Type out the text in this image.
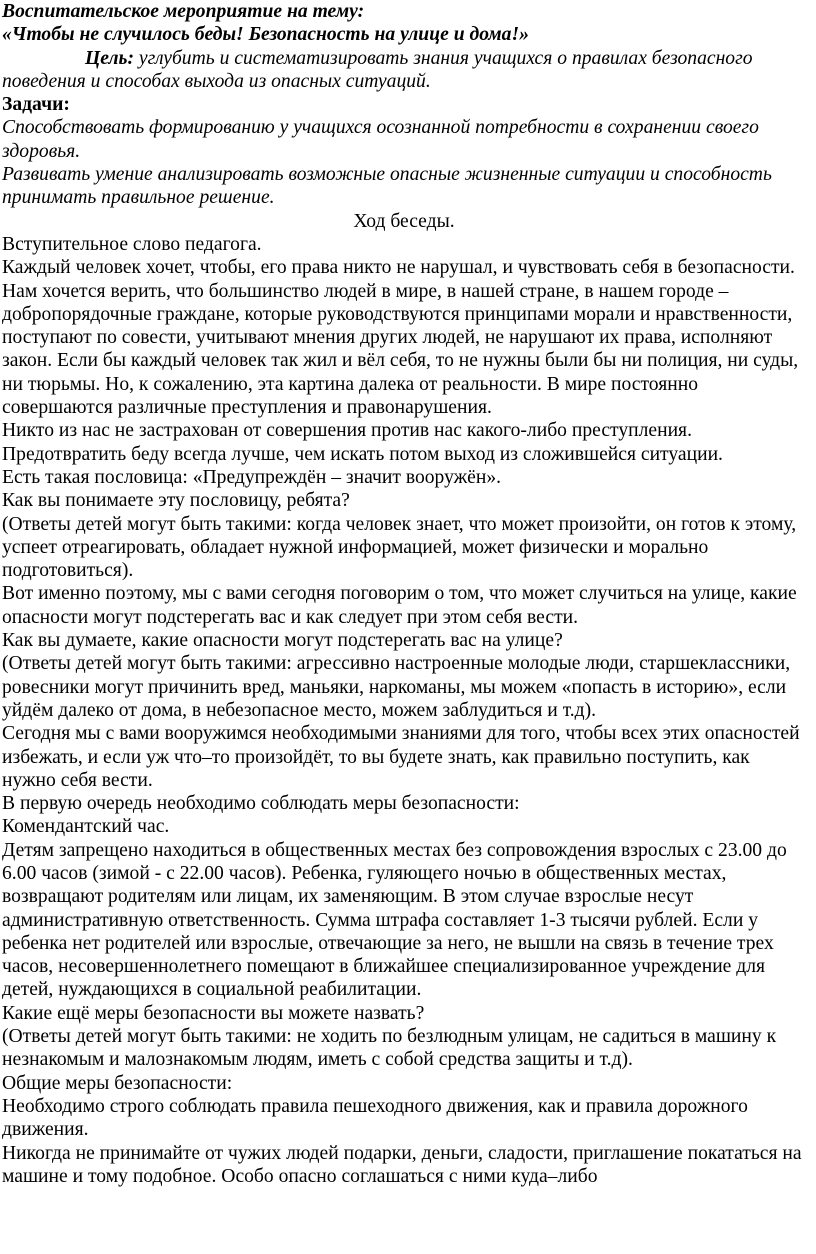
Воспитательское мероприятие на тему:

«Чтобы не случилось беды! Безопасность на улице и дома!»

Цель: углубить и систематизировать знания учащихся о правилах безопасного поведения и способах выхода из опасных ситуаций.

Задачи:

Способствовать формированию у учащихся осознанной потребности в сохранении своего здоровья.

Развивать умение анализировать возможные опасные жизненные ситуации и способность принимать правильное решение.

Ход беседы.

Вступительное слово педагога.

Каждый человек хочет, чтобы, его права никто не нарушал, и чувствовать себя в безопасности. Нам хочется верить, что большинство людей в мире, в нашей стране, в нашем городе – добропорядочные граждане, которые руководствуются принципами морали и нравственности, поступают по совести, учитывают мнения других людей, не нарушают их права, исполняют закон. Если бы каждый человек так жил и вёл себя, то не нужны были бы ни полиция, ни суды, ни тюрьмы. Но, к сожалению, эта картина далека от реальности. В мире постоянно совершаются различные преступления и правонарушения.

Никто из нас не застрахован от совершения против нас какого-либо преступления.

Предотвратить беду всегда лучше, чем искать потом выход из сложившейся ситуации.

Есть такая пословица: «Предупреждён – значит вооружён».

Как вы понимаете эту пословицу, ребята?

(Ответы детей могут быть такими: когда человек знает, что может произойти, он готов к этому, успеет отреагировать, обладает нужной информацией, может физически и морально подготовиться).

Вот именно поэтому, мы с вами сегодня поговорим о том, что может случиться на улице, какие опасности могут подстерегать вас и как следует при этом себя вести.

Как вы думаете, какие опасности могут подстерегать вас на улице?

(Ответы детей могут быть такими: агрессивно настроенные молодые люди, старшеклассники, ровесники могут причинить вред, маньяки, наркоманы, мы можем «попасть в историю», если уйдём далеко от дома, в небезопасное место, можем заблудиться и т.д).

Сегодня мы с вами вооружимся необходимыми знаниями для того, чтобы всех этих опасностей избежать, и если уж что–то произойдёт, то вы будете знать, как правильно поступить, как нужно себя вести.

В первую очередь необходимо соблюдать меры безопасности:

Комендантский час.

Детям запрещено находиться в общественных местах без сопровождения взрослых с 23.00 до 6.00 часов (зимой - с 22.00 часов). Ребенка, гуляющего ночью в общественных местах, возвращают родителям или лицам, их заменяющим. В этом случае взрослые несут административную ответственность. Сумма штрафа составляет 1-3 тысячи рублей. Если у ребенка нет родителей или взрослые, отвечающие за него, не вышли на связь в течение трех часов, несовершеннолетнего помещают в ближайшее специализированное учреждение для детей, нуждающихся в социальной реабилитации.

Какие ещё меры безопасности вы можете назвать?

(Ответы детей могут быть такими: не ходить по безлюдным улицам, не садиться в машину к незнакомым и малознакомым людям, иметь с собой средства защиты и т.д).

Общие меры безопасности:

Необходимо строго соблюдать правила пешеходного движения, как и правила дорожного движения.

Никогда не принимайте от чужих людей подарки, деньги, сладости, приглашение покататься на машине и тому подобное. Особо опасно соглашаться с ними куда–либо
